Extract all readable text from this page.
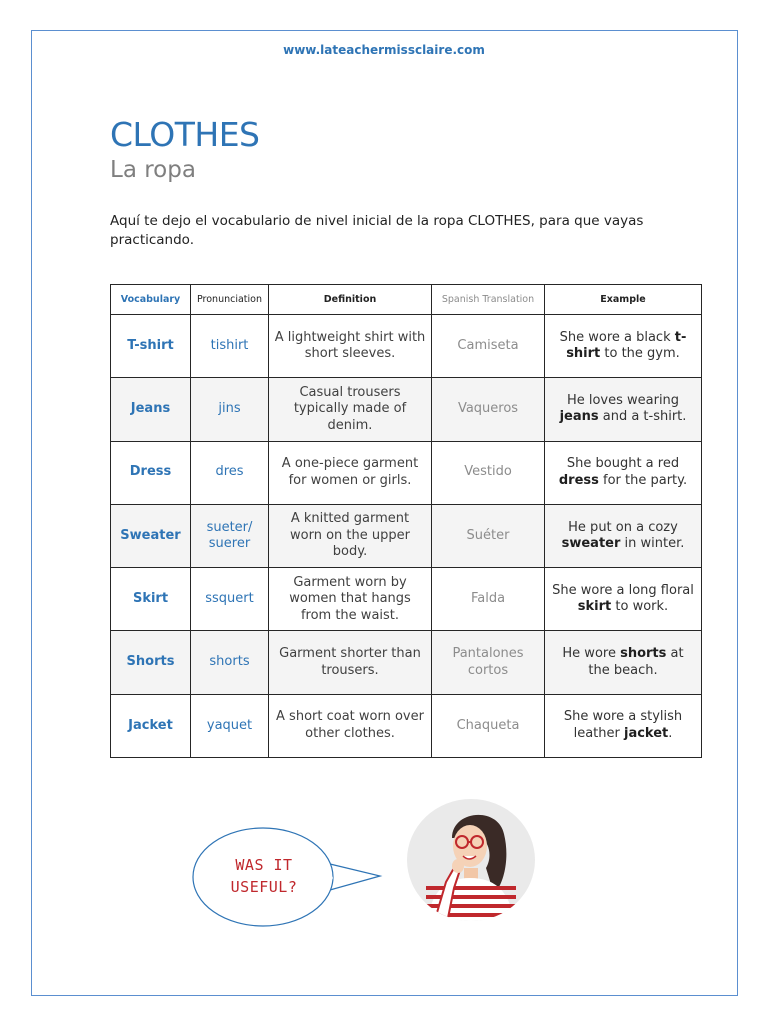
www.lateachermissclaire.com
CLOTHES
La ropa

Aquí te dejo el vocabulario de nivel inicial de la ropa CLOTHES, para que vayas practicando.

Vocabulary	Pronunciation	Definition	Spanish Translation	Example
T-shirt	tishirt	A lightweight shirt with short sleeves.	Camiseta	She wore a black t-shirt to the gym.
Jeans	jins	Casual trousers typically made of denim.	Vaqueros	He loves wearing jeans and a t-shirt.
Dress	dres	A one-piece garment for women or girls.	Vestido	She bought a red dress for the party.
Sweater	sueter/ suerer	A knitted garment worn on the upper body.	Suéter	He put on a cozy sweater in winter.
Skirt	ssquert	Garment worn by women that hangs from the waist.	Falda	She wore a long floral skirt to work.
Shorts	shorts	Garment shorter than trousers.	Pantalones cortos	He wore shorts at the beach.
Jacket	yaquet	A short coat worn over other clothes.	Chaqueta	She wore a stylish leather jacket.
WAS IT
USEFUL?
